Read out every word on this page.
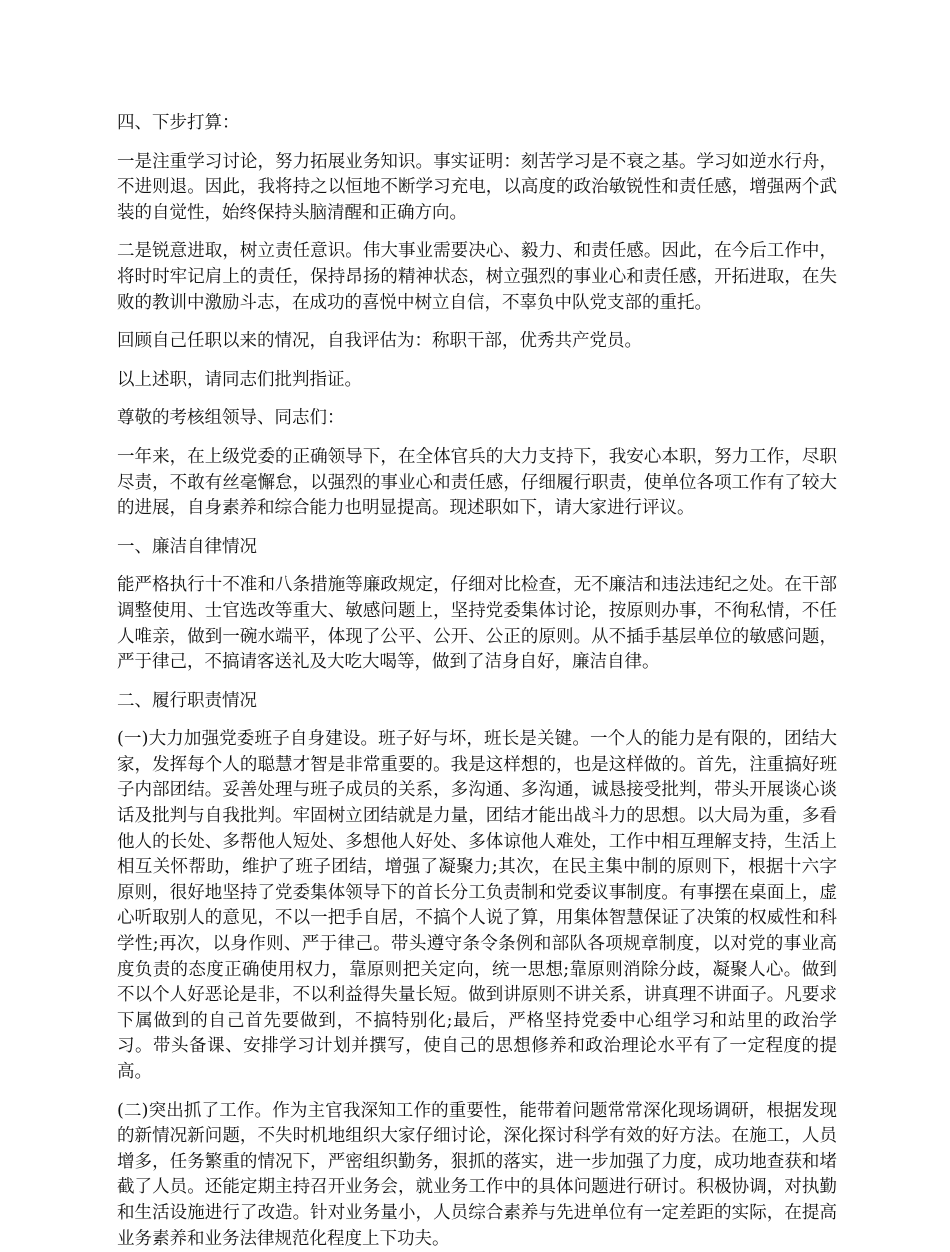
四、下步打算：

一是注重学习讨论，努力拓展业务知识。事实证明：刻苦学习是不衰之基。学习如逆水行舟，不进则退。因此，我将持之以恒地不断学习充电，以高度的政治敏锐性和责任感，增强两个武装的自觉性，始终保持头脑清醒和正确方向。

二是锐意进取，树立责任意识。伟大事业需要决心、毅力、和责任感。因此，在今后工作中，将时时牢记肩上的责任，保持昂扬的精神状态，树立强烈的事业心和责任感，开拓进取，在失败的教训中激励斗志，在成功的喜悦中树立自信，不辜负中队党支部的重托。

回顾自己任职以来的情况，自我评估为：称职干部，优秀共产党员。

以上述职，请同志们批判指证。

尊敬的考核组领导、同志们：

一年来，在上级党委的正确领导下，在全体官兵的大力支持下，我安心本职，努力工作，尽职尽责，不敢有丝毫懈怠，以强烈的事业心和责任感，仔细履行职责，使单位各项工作有了较大的进展，自身素养和综合能力也明显提高。现述职如下，请大家进行评议。

一、廉洁自律情况

能严格执行十不准和八条措施等廉政规定，仔细对比检查，无不廉洁和违法违纪之处。在干部调整使用、士官选改等重大、敏感问题上，坚持党委集体讨论，按原则办事，不徇私情，不任人唯亲，做到一碗水端平，体现了公平、公开、公正的原则。从不插手基层单位的敏感问题，严于律己，不搞请客送礼及大吃大喝等，做到了洁身自好，廉洁自律。

二、履行职责情况

(一)大力加强党委班子自身建设。班子好与坏，班长是关键。一个人的能力是有限的，团结大家，发挥每个人的聪慧才智是非常重要的。我是这样想的，也是这样做的。首先，注重搞好班子内部团结。妥善处理与班子成员的关系，多沟通、多沟通，诚恳接受批判，带头开展谈心谈话及批判与自我批判。牢固树立团结就是力量，团结才能出战斗力的思想。以大局为重，多看他人的长处、多帮他人短处、多想他人好处、多体谅他人难处，工作中相互理解支持，生活上相互关怀帮助，维护了班子团结，增强了凝聚力;其次，在民主集中制的原则下，根据十六字原则，很好地坚持了党委集体领导下的首长分工负责制和党委议事制度。有事摆在桌面上，虚心听取别人的意见，不以一把手自居，不搞个人说了算，用集体智慧保证了决策的权威性和科学性;再次，以身作则、严于律己。带头遵守条令条例和部队各项规章制度，以对党的事业高度负责的态度正确使用权力，靠原则把关定向，统一思想;靠原则消除分歧，凝聚人心。做到不以个人好恶论是非，不以利益得失量长短。做到讲原则不讲关系，讲真理不讲面子。凡要求下属做到的自己首先要做到，不搞特别化;最后，严格坚持党委中心组学习和站里的政治学习。带头备课、安排学习计划并撰写，使自己的思想修养和政治理论水平有了一定程度的提高。

(二)突出抓了工作。作为主官我深知工作的重要性，能带着问题常常深化现场调研，根据发现的新情况新问题，不失时机地组织大家仔细讨论，深化探讨科学有效的好方法。在施工，人员增多，任务繁重的情况下，严密组织勤务，狠抓的落实，进一步加强了力度，成功地查获和堵截了人员。还能定期主持召开业务会，就业务工作中的具体问题进行研讨。积极协调，对执勤和生活设施进行了改造。针对业务量小，人员综合素养与先进单位有一定差距的实际，在提高业务素养和业务法律规范化程度上下功夫。
